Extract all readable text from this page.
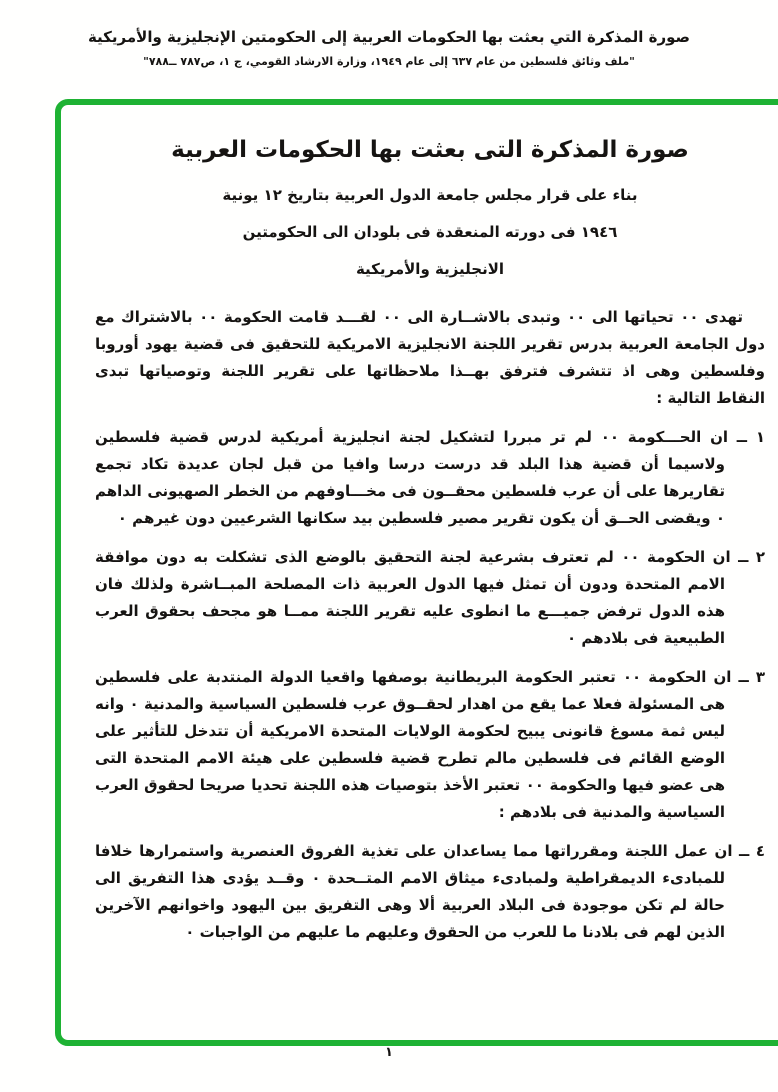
صورة المذكرة التي بعثت بها الحكومات العربية إلى الحكومتين الإنجليزية والأمريكية
"ملف وثائق فلسطين من عام ٦٣٧ إلى عام ١٩٤٩، وزارة الارشاد القومي، ج ١، ص٧٨٧ ــ٧٨٨"
صورة المذكرة التى بعثت بها الحكومات العربية
بناء على قرار مجلس جامعة الدول العربية بتاريخ ١٢ يونية
١٩٤٦ فى دورته المنعقدة فى بلودان الى الحكومتين
الانجليزية والأمريكية

تهدى ٠٠ تحياتها الى ٠٠ وتبدى بالاشــارة الى ٠٠ لقـــد قامت الحكومة ٠٠ بالاشتراك مع دول الجامعة العربية بدرس تقرير اللجنة الانجليزية الامريكية للتحقيق فى قضية يهود أوروبا وفلسطين وهى اذ تتشرف فترفق بهــذا ملاحظاتها على تقرير اللجنة وتوصياتها تبدى النقاط التالية :

١ ــ ان الحـــكومة ٠٠ لم تر مبررا لتشكيل لجنة انجليزية أمريكية لدرس قضية فلسطين ولاسيما أن قضية هذا البلد قد درست درسا وافيا من قبل لجان عديدة تكاد تجمع تقاريرها على أن عرب فلسطين محقــون فى مخـــاوفهم من الخطر الصهيونى الداهم ٠ ويقضى الحــق أن يكون تقرير مصير فلسطين بيد سكانها الشرعيين دون غيرهم ٠
٢ ــ ان الحكومة ٠٠ لم تعترف بشرعية لجنة التحقيق بالوضع الذى تشكلت به دون موافقة الامم المتحدة ودون أن تمثل فيها الدول العربية ذات المصلحة المبــاشرة ولذلك فان هذه الدول ترفض جميـــع ما انطوى عليه تقرير اللجنة ممــا هو مجحف بحقوق العرب الطبيعية فى بلادهم ٠
٣ ــ ان الحكومة ٠٠ تعتبر الحكومة البريطانية بوصفها واقعيا الدولة المنتدبة على فلسطين هى المسئولة فعلا عما يقع من اهدار لحقــوق عرب فلسطين السياسية والمدنية ٠ وانه ليس ثمة مسوغ قانونى يبيح لحكومة الولايات المتحدة الامريكية أن تتدخل للتأثير على الوضع القائم فى فلسطين مالم تطرح قضية فلسطين على هيئة الامم المتحدة التى هى عضو فيها والحكومة ٠٠ تعتبر الأخذ بتوصيات هذه اللجنة تحديا صريحا لحقوق العرب السياسية والمدنية فى بلادهم :
٤ ــ ان عمل اللجنة ومقرراتها مما يساعدان على تغذية الفروق العنصرية واستمرارها خلافا للمبادىء الديمقراطية ولمبادىء ميثاق الامم المتــحدة ٠ وقــد يؤدى هذا التفريق الى حالة لم تكن موجودة فى البلاد العربية ألا وهى التفريق بين اليهود واخوانهم الآخرين الذين لهم فى بلادنا ما للعرب من الحقوق وعليهم ما عليهم من الواجبات ٠
١
